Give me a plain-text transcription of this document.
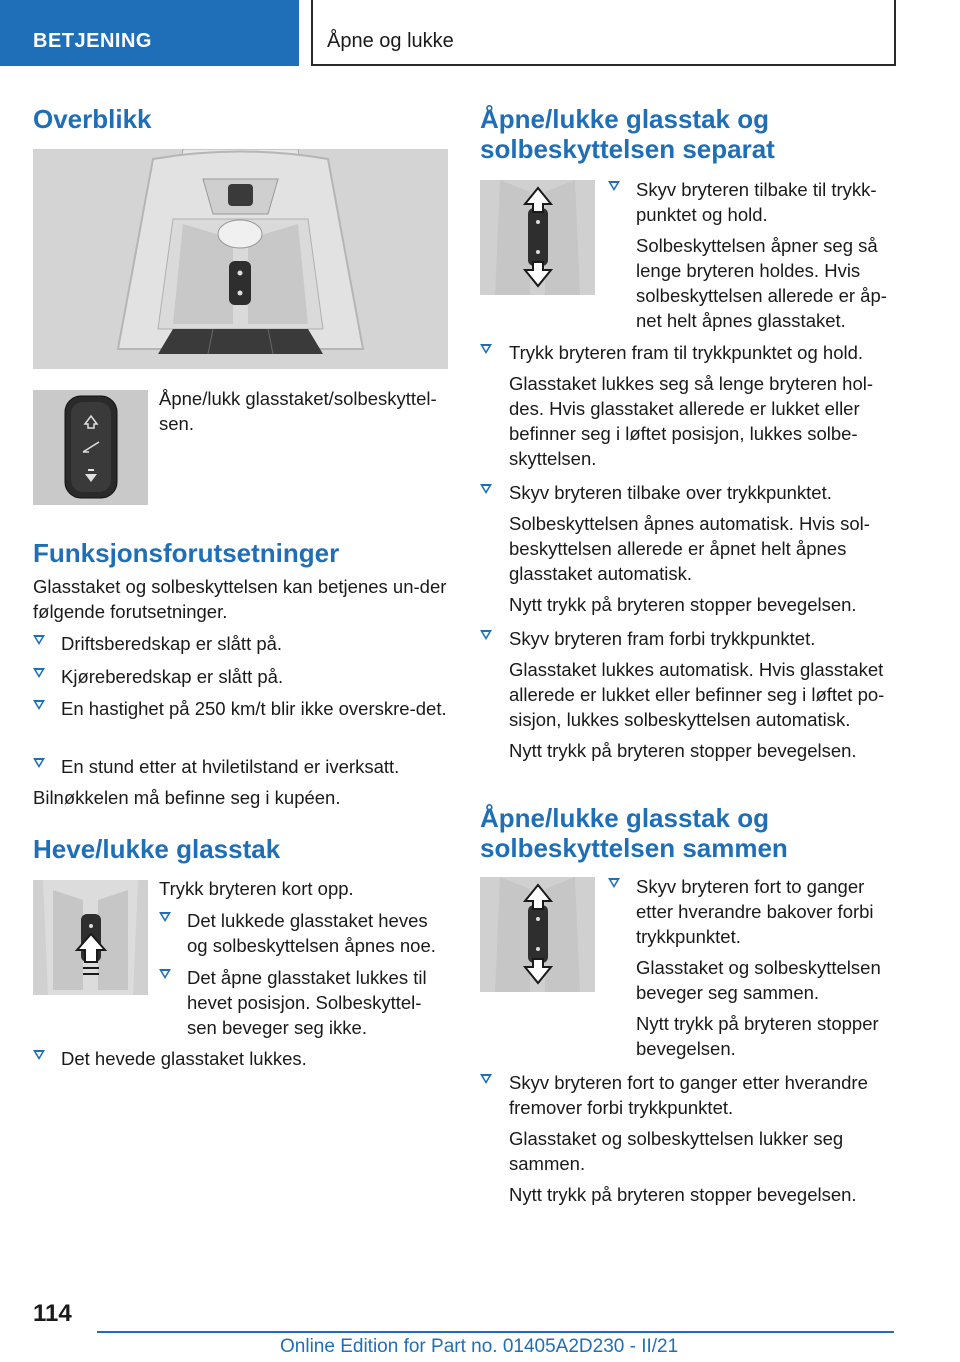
BETJENING	Åpne og lukke
Overblikk

Åpne/lukk glasstaket/solbeskyttel-sen.

Funksjonsforutsetninger

Glasstaket og solbeskyttelsen kan betjenes un-der følgende forutsetninger.

Driftsberedskap er slått på.

Kjøreberedskap er slått på.

En hastighet på 250 km/t blir ikke overskre-det.

En stund etter at hviletilstand er iverksatt.

Bilnøkkelen må befinne seg i kupéen.

Heve/lukke glasstak

Trykk bryteren kort opp.

Det lukkede glasstaket heves og solbeskyttelsen åpnes noe.

Det åpne glasstaket lukkes til hevet posisjon. Solbeskyttel-sen beveger seg ikke.

Det hevede glasstaket lukkes.

Åpne/lukke glasstak og solbeskyttelsen separat

Skyv bryteren tilbake til trykk-punktet og hold.

Solbeskyttelsen åpner seg så lenge bryteren holdes. Hvis solbeskyttelsen allerede er åp-net helt åpnes glasstaket.

Trykk bryteren fram til trykkpunktet og hold.

Glasstaket lukkes seg så lenge bryteren hol-des. Hvis glasstaket allerede er lukket eller befinner seg i løftet posisjon, lukkes solbe-skyttelsen.

Skyv bryteren tilbake over trykkpunktet.

Solbeskyttelsen åpnes automatisk. Hvis sol-beskyttelsen allerede er åpnet helt åpnes glasstaket automatisk.

Nytt trykk på bryteren stopper bevegelsen.

Skyv bryteren fram forbi trykkpunktet.

Glasstaket lukkes automatisk. Hvis glasstaket allerede er lukket eller befinner seg i løftet po-sisjon, lukkes solbeskyttelsen automatisk.

Nytt trykk på bryteren stopper bevegelsen.

Åpne/lukke glasstak og solbeskyttelsen sammen

Skyv bryteren fort to ganger etter hverandre bakover forbi trykkpunktet.

Glasstaket og solbeskyttelsen beveger seg sammen.

Nytt trykk på bryteren stopper bevegelsen.

Skyv bryteren fort to ganger etter hverandre fremover forbi trykkpunktet.

Glasstaket og solbeskyttelsen lukker seg sammen.

Nytt trykk på bryteren stopper bevegelsen.

114
Online Edition for Part no. 01405A2D230 - II/21
